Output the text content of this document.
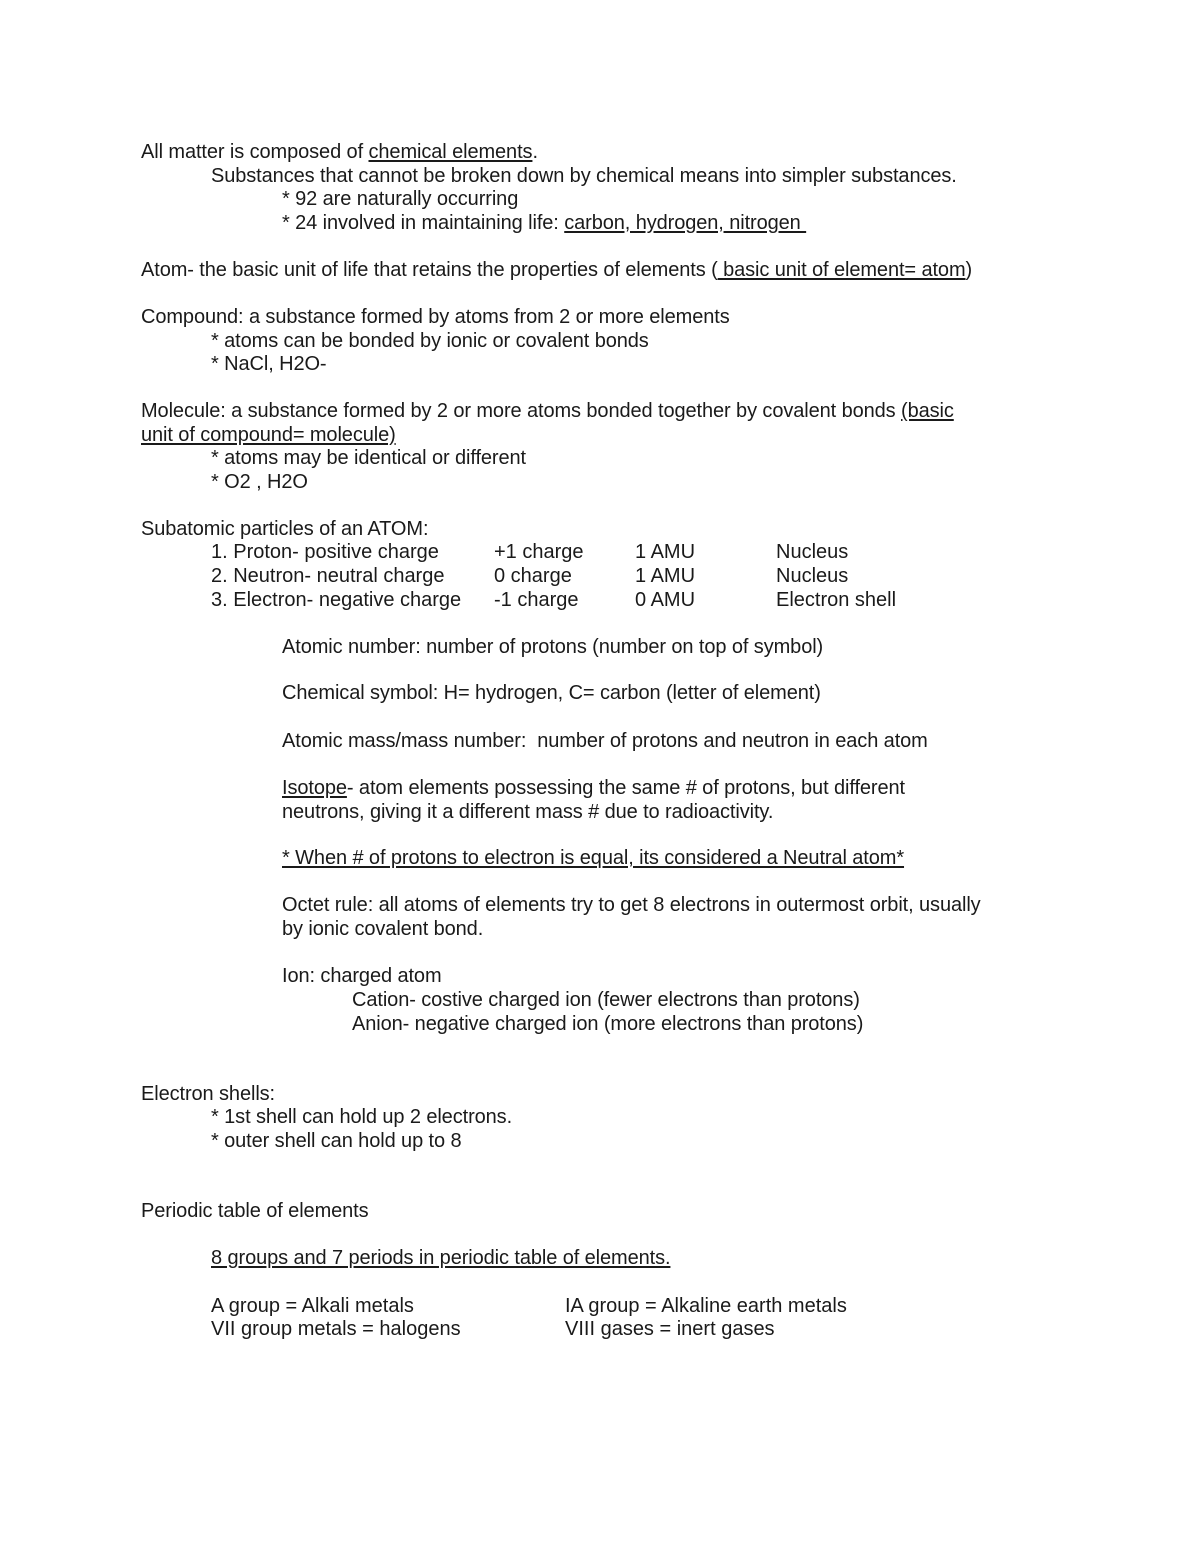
All matter is composed of chemical elements.
Substances that cannot be broken down by chemical means into simpler substances.
* 92 are naturally occurring
* 24 involved in maintaining life: carbon, hydrogen, nitrogen
Atom- the basic unit of life that retains the properties of elements ( basic unit of element= atom)
Compound: a substance formed by atoms from 2 or more elements
* atoms can be bonded by ionic or covalent bonds
* NaCl, H2O-
Molecule: a substance formed by 2 or more atoms bonded together by covalent bonds (basic
unit of compound= molecule)
* atoms may be identical or different
* O2 , H2O
Subatomic particles of an ATOM:
1. Proton- positive charge	+1 charge	1 AMU	Nucleus
2. Neutron- neutral charge 0 charge	1 AMU	Nucleus
3. Electron- negative charge -1 charge	0 AMU	Electron shell
Atomic number: number of protons (number on top of symbol)
Chemical symbol: H= hydrogen, C= carbon (letter of element)
Atomic mass/mass number:  number of protons and neutron in each atom
Isotope- atom elements possessing the same # of protons, but different
neutrons, giving it a different mass # due to radioactivity.
* When # of protons to electron is equal, its considered a Neutral atom*
Octet rule: all atoms of elements try to get 8 electrons in outermost orbit, usually
by ionic covalent bond.
Ion: charged atom
Cation- costive charged ion (fewer electrons than protons)
Anion- negative charged ion (more electrons than protons)
Electron shells:
* 1st shell can hold up 2 electrons.
* outer shell can hold up to 8
Periodic table of elements
8 groups and 7 periods in periodic table of elements.
A group = Alkali metals	IA group = Alkaline earth metals
VII group metals = halogens	VIII gases = inert gases
